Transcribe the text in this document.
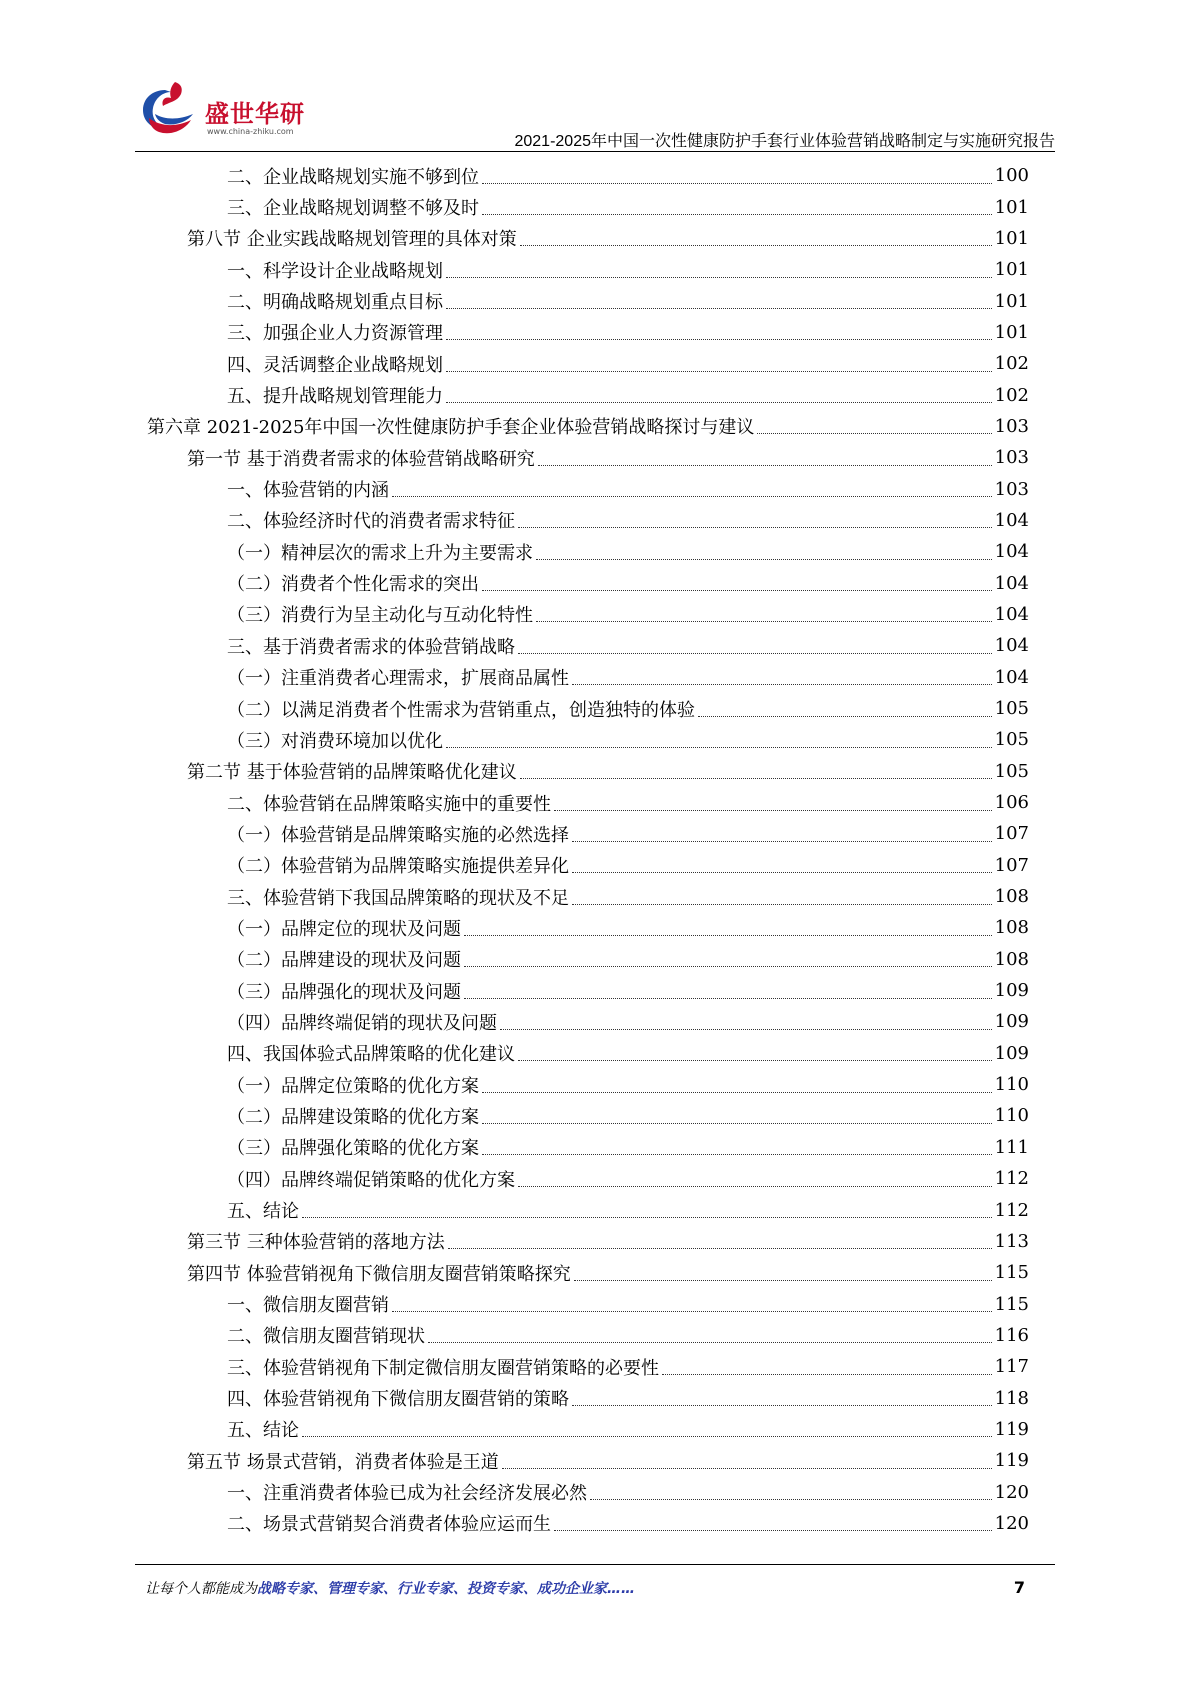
盛世华研
www.china-zhiku.com
2021-2025年中国一次性健康防护手套行业体验营销战略制定与实施研究报告
二、企业战略规划实施不够到位	100
三、企业战略规划调整不够及时	101
第八节 企业实践战略规划管理的具体对策	101
一、科学设计企业战略规划	101
二、明确战略规划重点目标	101
三、加强企业人力资源管理	101
四、灵活调整企业战略规划	102
五、提升战略规划管理能力	102
第六章 2021-2025年中国一次性健康防护手套企业体验营销战略探讨与建议	103
第一节 基于消费者需求的体验营销战略研究	103
一、体验营销的内涵	103
二、体验经济时代的消费者需求特征	104
（一）精神层次的需求上升为主要需求	104
（二）消费者个性化需求的突出	104
（三）消费行为呈主动化与互动化特性	104
三、基于消费者需求的体验营销战略	104
（一）注重消费者心理需求，扩展商品属性	104
（二）以满足消费者个性需求为营销重点，创造独特的体验	105
（三）对消费环境加以优化	105
第二节 基于体验营销的品牌策略优化建议	105
二、体验营销在品牌策略实施中的重要性	106
（一）体验营销是品牌策略实施的必然选择	107
（二）体验营销为品牌策略实施提供差异化	107
三、体验营销下我国品牌策略的现状及不足	108
（一）品牌定位的现状及问题	108
（二）品牌建设的现状及问题	108
（三）品牌强化的现状及问题	109
（四）品牌终端促销的现状及问题	109
四、我国体验式品牌策略的优化建议	109
（一）品牌定位策略的优化方案	110
（二）品牌建设策略的优化方案	110
（三）品牌强化策略的优化方案	111
（四）品牌终端促销策略的优化方案	112
五、结论	112
第三节 三种体验营销的落地方法	113
第四节 体验营销视角下微信朋友圈营销策略探究	115
一、微信朋友圈营销	115
二、微信朋友圈营销现状	116
三、体验营销视角下制定微信朋友圈营销策略的必要性	117
四、体验营销视角下微信朋友圈营销的策略	118
五、结论	119
第五节 场景式营销，消费者体验是王道	119
一、注重消费者体验已成为社会经济发展必然	120
二、场景式营销契合消费者体验应运而生	120
让每个人都能成为战略专家、管理专家、行业专家、投资专家、成功企业家……	7
